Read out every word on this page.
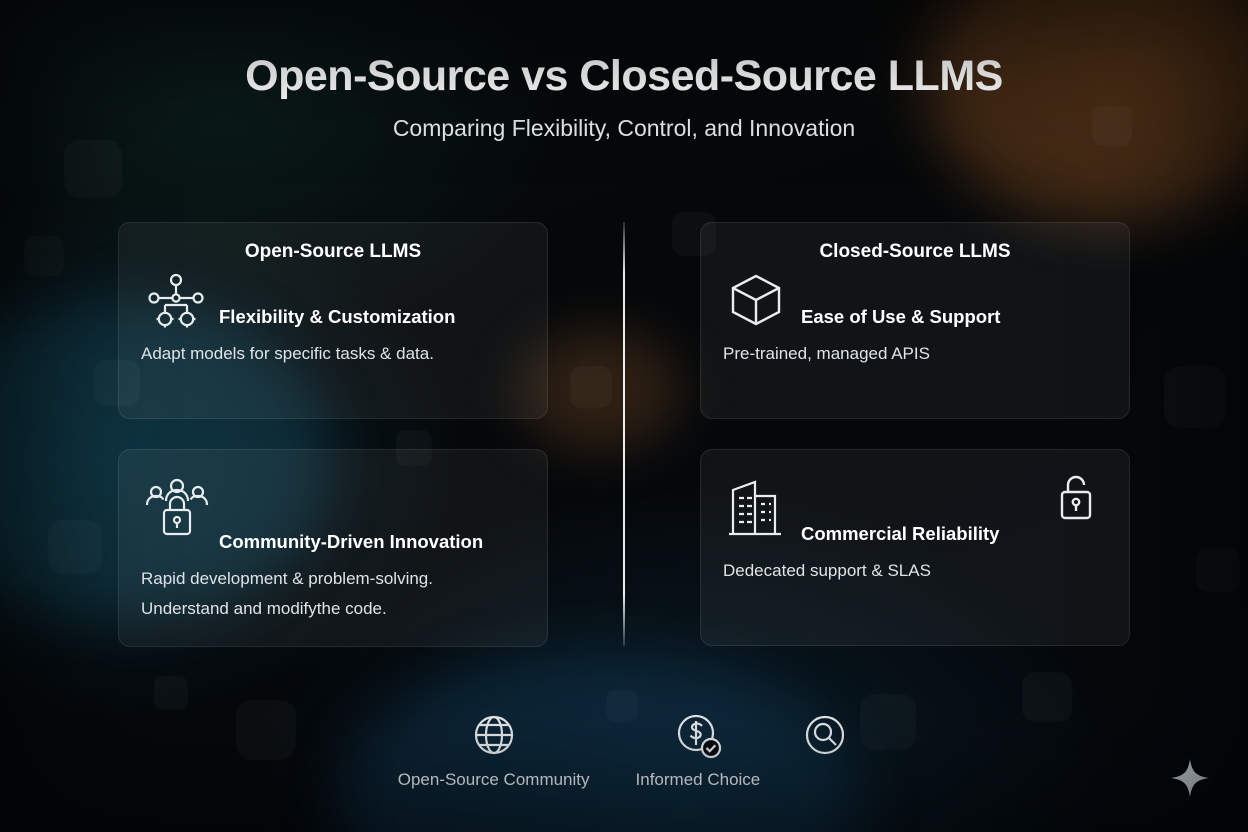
Open-Source vs Closed-Source LLMS
Comparing Flexibility, Control, and Innovation
Open-Source LLMS
Flexibility & Customization
Adapt models for specific tasks & data.
Community-Driven Innovation
Rapid development & problem-solving. Understand and modifythe code.
Closed-Source LLMS
Ease of Use & Support
Pre-trained, managed APIS
Commercial Reliability
Dedecated support & SLAS
Open-Source Community	Informed Choice
